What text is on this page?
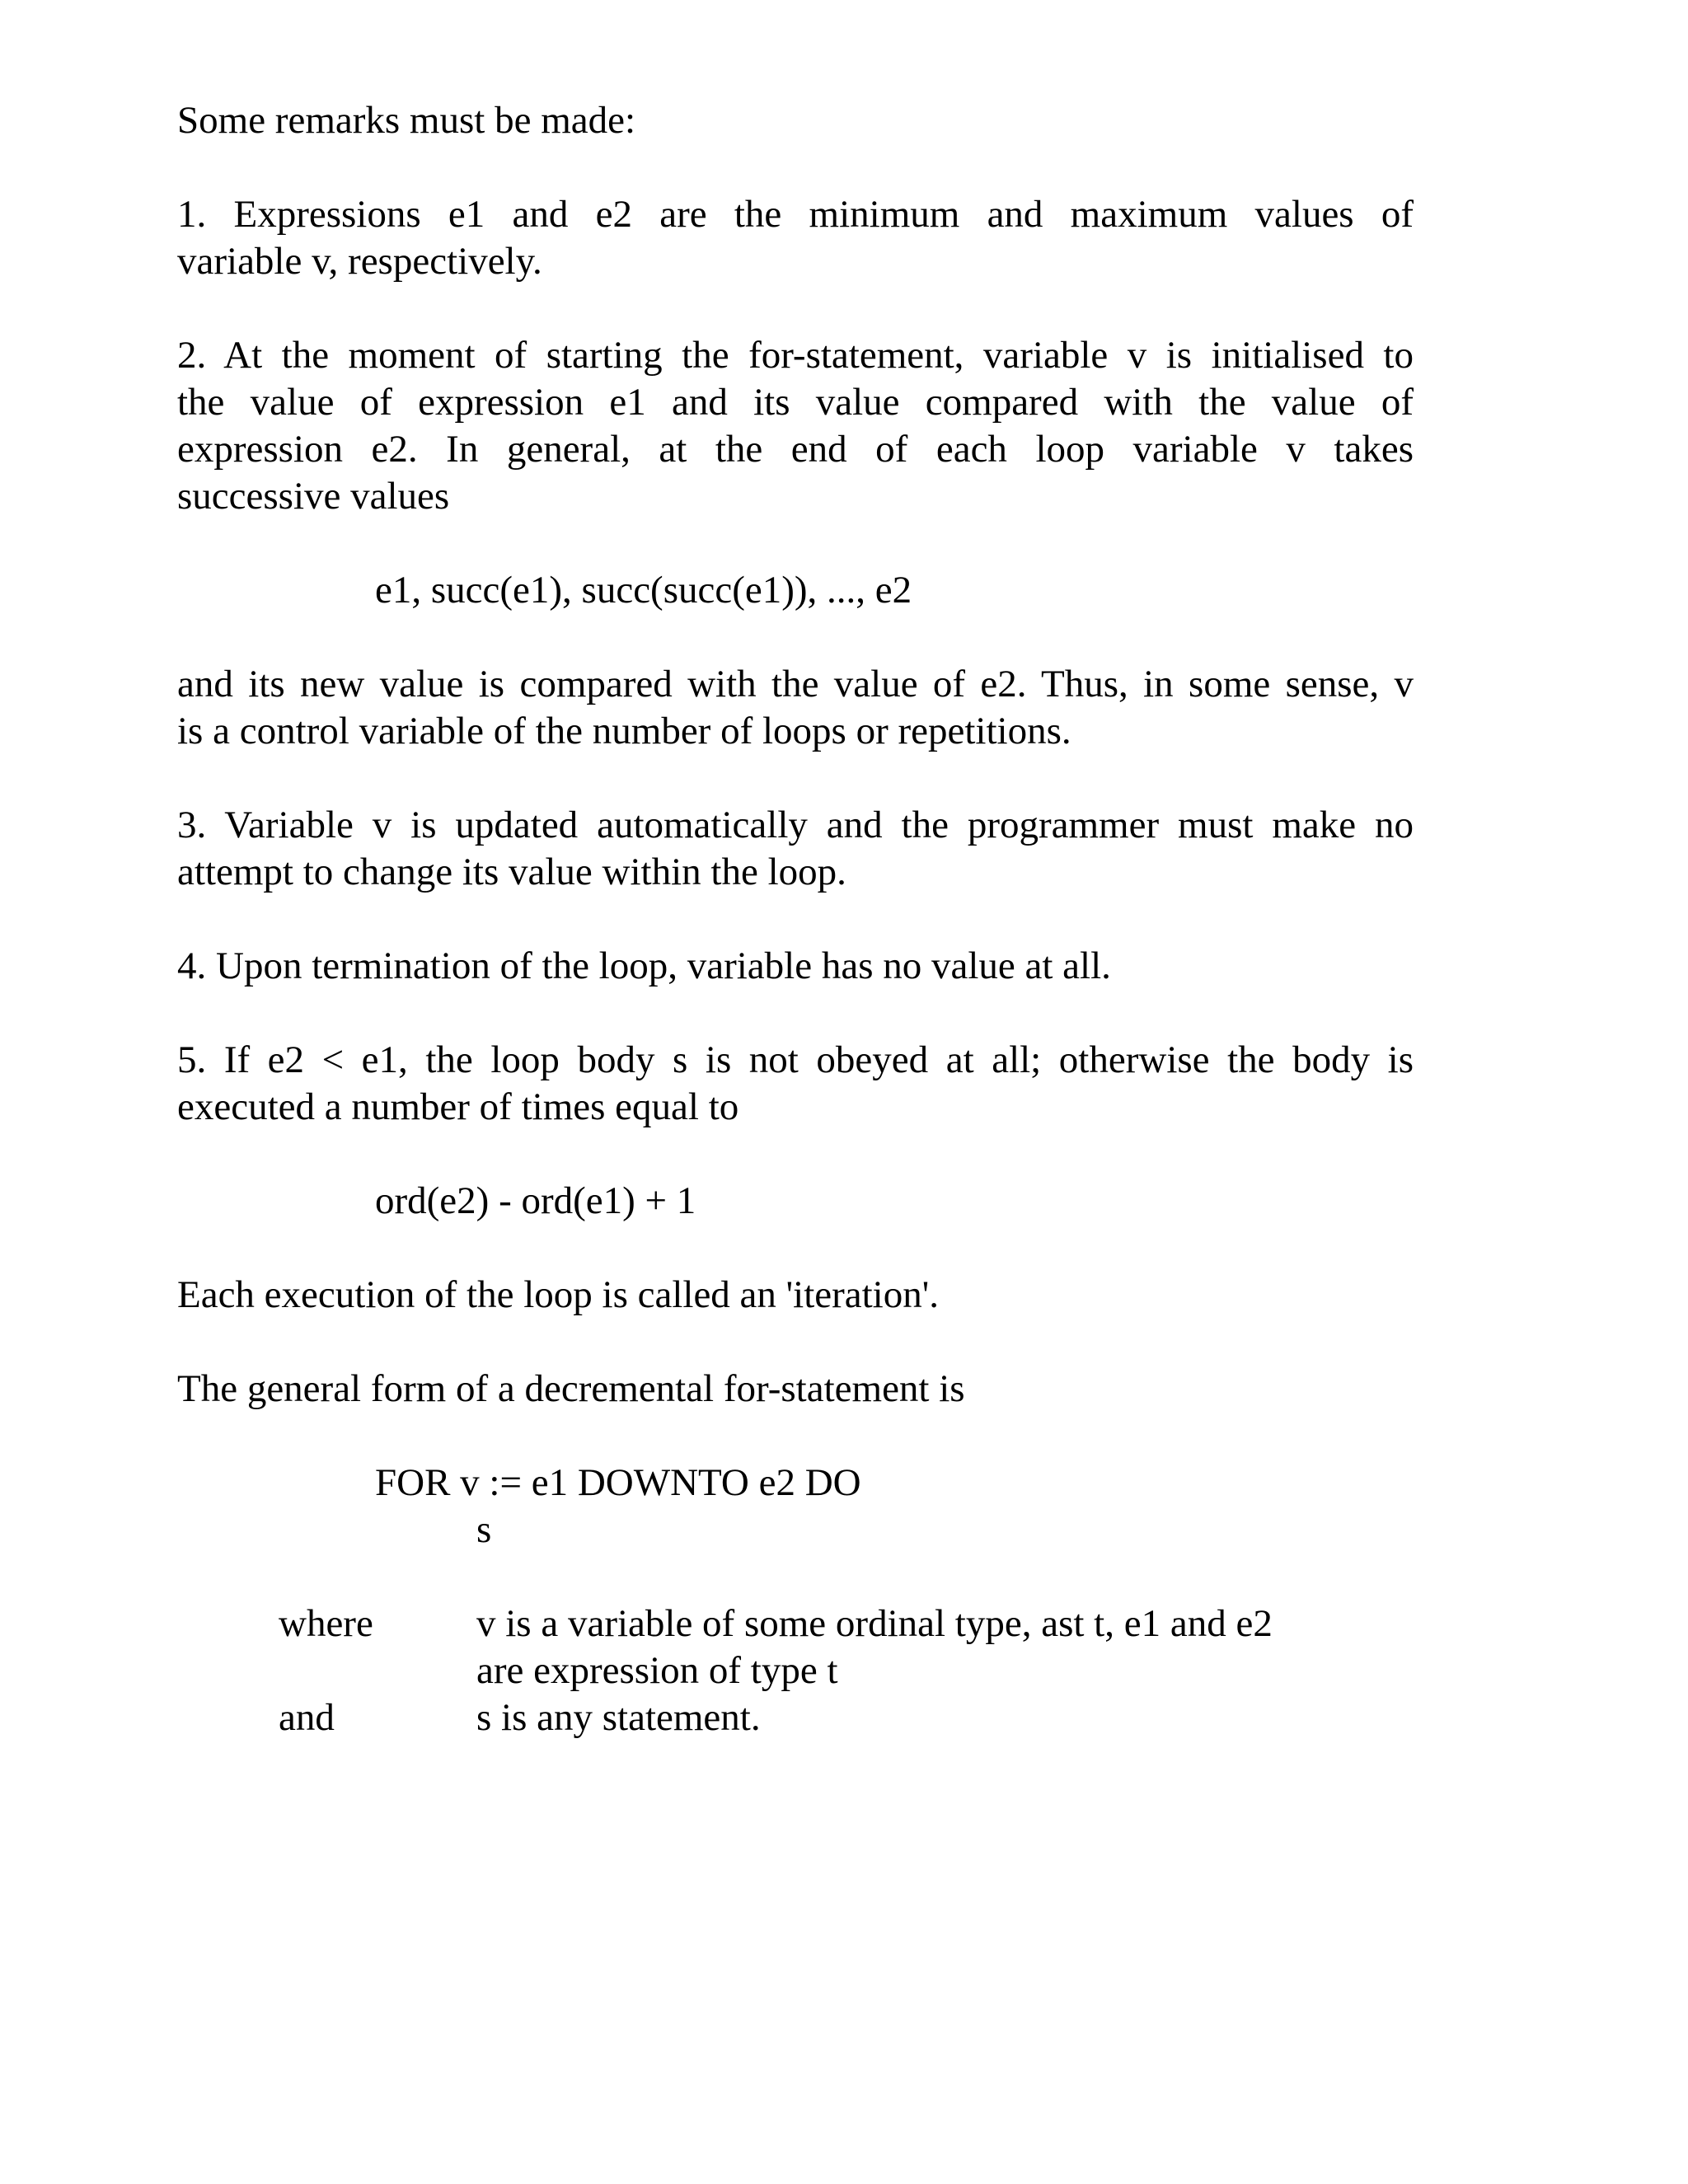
Some remarks must be made:

1. Expressions e1 and e2 are the minimum and maximum values of

variable v, respectively.

2. At the moment of starting the for-statement, variable v is initialised to

the value of expression e1 and its value compared with the value of

expression e2. In general, at the end of each loop variable v takes

successive values

e1, succ(e1), succ(succ(e1)), ..., e2

and its new value is compared with the value of e2. Thus, in some sense, v

is a control variable of the number of loops or repetitions.

3. Variable v is updated automatically and the programmer must make no

attempt to change its value within the loop.

4. Upon termination of the loop, variable has no value at all.

5. If e2 < e1, the loop body s is not obeyed at all; otherwise the body is

executed a number of times equal to

ord(e2) - ord(e1) + 1

Each execution of the loop is called an 'iteration'.

The general form of a decremental for-statement is

FOR v := e1 DOWNTO e2 DO

s

where	v is a variable of some ordinal type, ast t, e1 and e2

are expression of type t

and	s is any statement.
